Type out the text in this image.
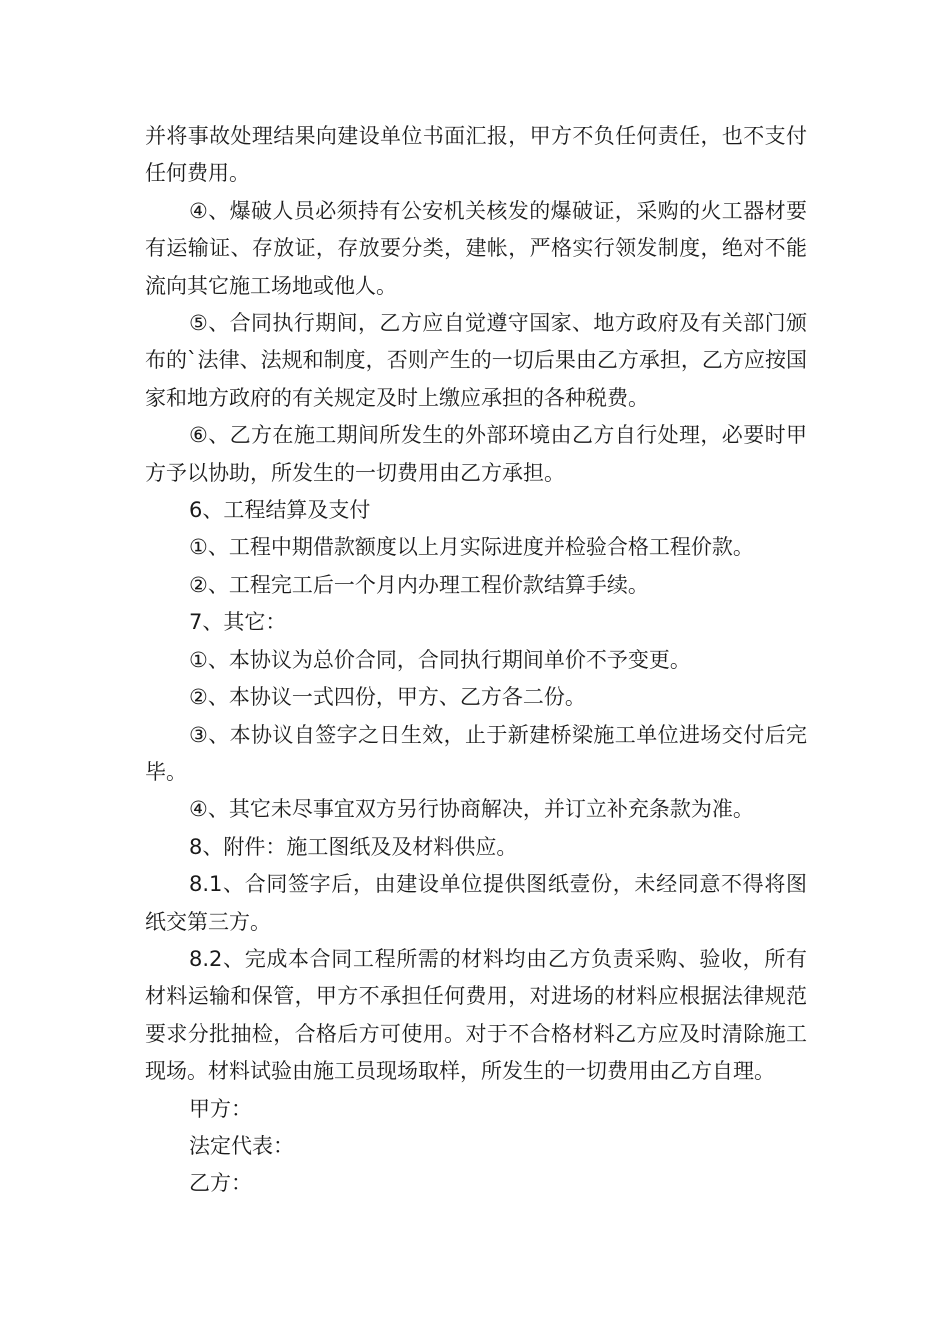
并将事故处理结果向建设单位书面汇报，甲方不负任何责任，也不支付任何费用。

④、爆破人员必须持有公安机关核发的爆破证，采购的火工器材要有运输证、存放证，存放要分类，建帐，严格实行领发制度，绝对不能流向其它施工场地或他人。

⑤、合同执行期间，乙方应自觉遵守国家、地方政府及有关部门颁布的`法律、法规和制度，否则产生的一切后果由乙方承担，乙方应按国家和地方政府的有关规定及时上缴应承担的各种税费。

⑥、乙方在施工期间所发生的外部环境由乙方自行处理，必要时甲方予以协助，所发生的一切费用由乙方承担。

6、工程结算及支付

①、工程中期借款额度以上月实际进度并检验合格工程价款。

②、工程完工后一个月内办理工程价款结算手续。

7、其它：

①、本协议为总价合同，合同执行期间单价不予变更。

②、本协议一式四份，甲方、乙方各二份。

③、本协议自签字之日生效，止于新建桥梁施工单位进场交付后完毕。

④、其它未尽事宜双方另行协商解决，并订立补充条款为准。

8、附件：施工图纸及及材料供应。

8.1、合同签字后，由建设单位提供图纸壹份，未经同意不得将图纸交第三方。

8.2、完成本合同工程所需的材料均由乙方负责采购、验收，所有材料运输和保管，甲方不承担任何费用，对进场的材料应根据法律规范要求分批抽检，合格后方可使用。对于不合格材料乙方应及时清除施工现场。材料试验由施工员现场取样，所发生的一切费用由乙方自理。

甲方：

法定代表：

乙方：
